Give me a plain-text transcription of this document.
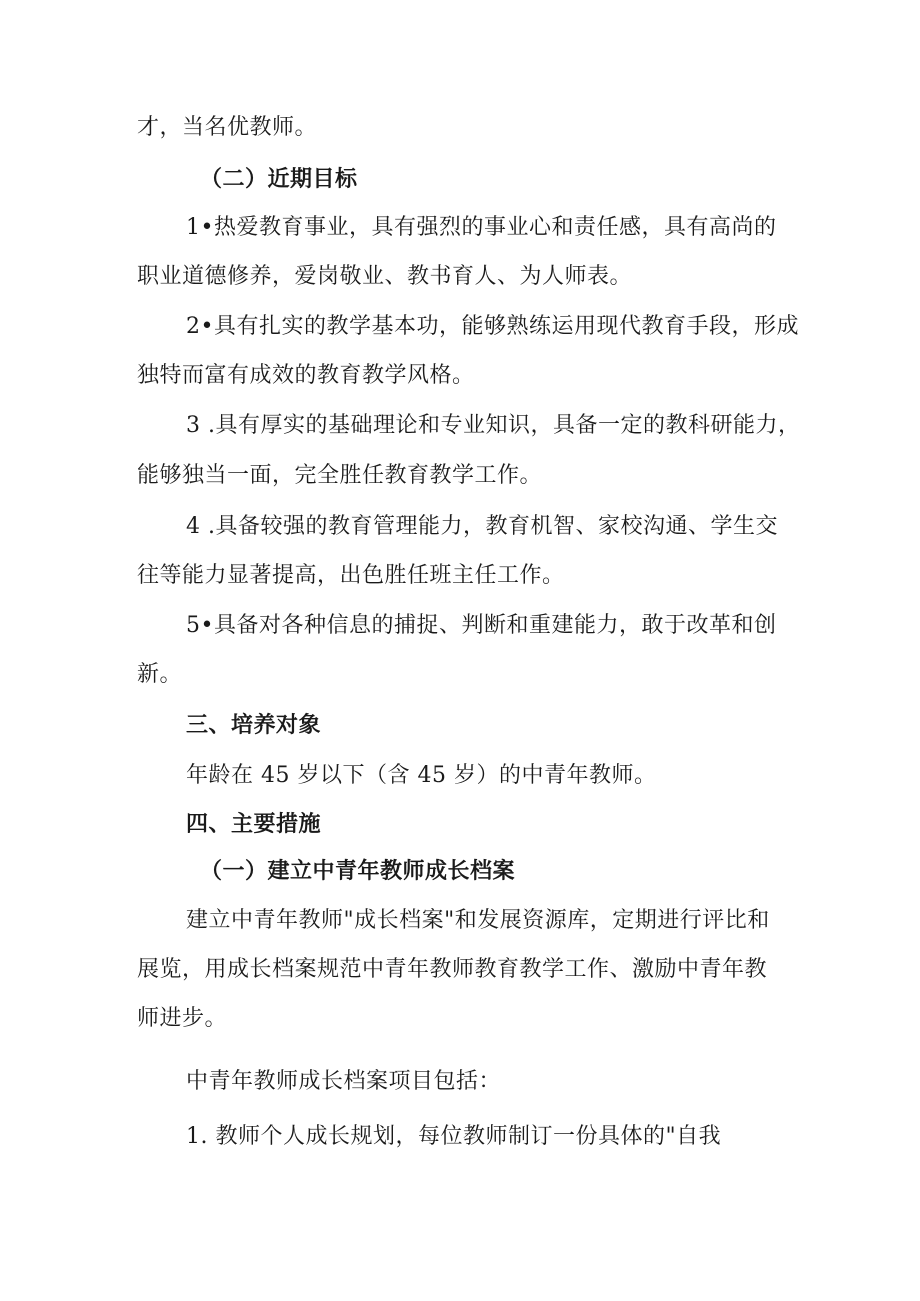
才，当名优教师。
（二）近期目标
1•热爱教育事业，具有强烈的事业心和责任感，具有高尚的
职业道德修养，爱岗敬业、教书育人、为人师表。
2•具有扎实的教学基本功，能够熟练运用现代教育手段，形成
独特而富有成效的教育教学风格。
3 .具有厚实的基础理论和专业知识，具备一定的教科研能力，
能够独当一面，完全胜任教育教学工作。
4 .具备较强的教育管理能力，教育机智、家校沟通、学生交
往等能力显著提高，出色胜任班主任工作。
5•具备对各种信息的捕捉、判断和重建能力，敢于改革和创
新。
三、培养对象
年龄在 45 岁以下（含 45 岁）的中青年教师。
四、主要措施
（一）建立中青年教师成长档案
建立中青年教师"成长档案"和发展资源库，定期进行评比和
展览，用成长档案规范中青年教师教育教学工作、激励中青年教
师进步。
中青年教师成长档案项目包括：
1. 教师个人成长规划，每位教师制订一份具体的"自我
